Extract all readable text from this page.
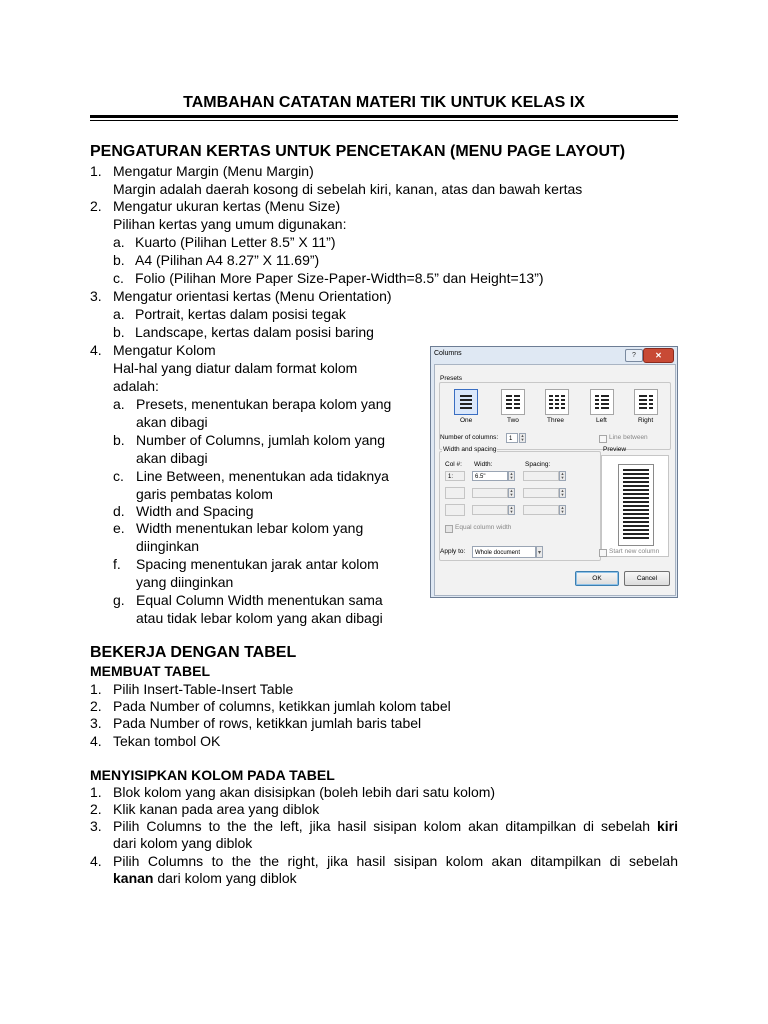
TAMBAHAN CATATAN MATERI TIK UNTUK KELAS IX
PENGATURAN KERTAS UNTUK PENCETAKAN (MENU PAGE LAYOUT)
1. Mengatur Margin (Menu Margin)
Margin adalah daerah kosong di sebelah kiri, kanan, atas dan bawah kertas
2. Mengatur ukuran kertas (Menu Size)
Pilihan kertas yang umum digunakan:
a. Kuarto (Pilihan Letter 8.5” X 11”)
b. A4 (Pilihan A4 8.27” X 11.69”)
c. Folio (Pilihan More Paper Size-Paper-Width=8.5” dan Height=13”)
3. Mengatur orientasi kertas (Menu Orientation)
a. Portrait, kertas dalam posisi tegak
b. Landscape, kertas dalam posisi baring
4. Mengatur Kolom
Hal-hal yang diatur dalam format kolom
adalah:
a. Presets, menentukan berapa kolom yang
akan dibagi
b. Number of Columns, jumlah kolom yang
akan dibagi
c. Line Between, menentukan ada tidaknya
garis pembatas kolom
d. Width and Spacing
e. Width menentukan lebar kolom yang
diinginkan
f. Spacing menentukan jarak antar kolom
yang diinginkan
g. Equal Column Width menentukan sama
atau tidak lebar kolom yang akan dibagi
Columns	?	✕
Presets
One	Two	Three	Left	Right
Number of columns:	1
▲
▼	Line between
Width and spacing	Preview
Col #: Width:	Spacing:
1:	6.5"
▲
▼
▲
▼
▲
▼
▲
▼
▲
▼
▲
▼
Equal column width
Apply to:	Whole document	▾	Start new column
OK	Cancel
BEKERJA DENGAN TABEL
MEMBUAT TABEL
1. Pilih Insert-Table-Insert Table
2. Pada Number of columns, ketikkan jumlah kolom tabel
3. Pada Number of rows, ketikkan jumlah baris tabel
4. Tekan tombol OK
MENYISIPKAN KOLOM PADA TABEL
1. Blok kolom yang akan disisipkan (boleh lebih dari satu kolom)
2. Klik kanan pada area yang diblok
3. Pilih Columns to the the left, jika hasil sisipan kolom akan ditampilkan di sebelah kiri
dari kolom yang diblok
4. Pilih Columns to the the right, jika hasil sisipan kolom akan ditampilkan di sebelah
kanan dari kolom yang diblok
